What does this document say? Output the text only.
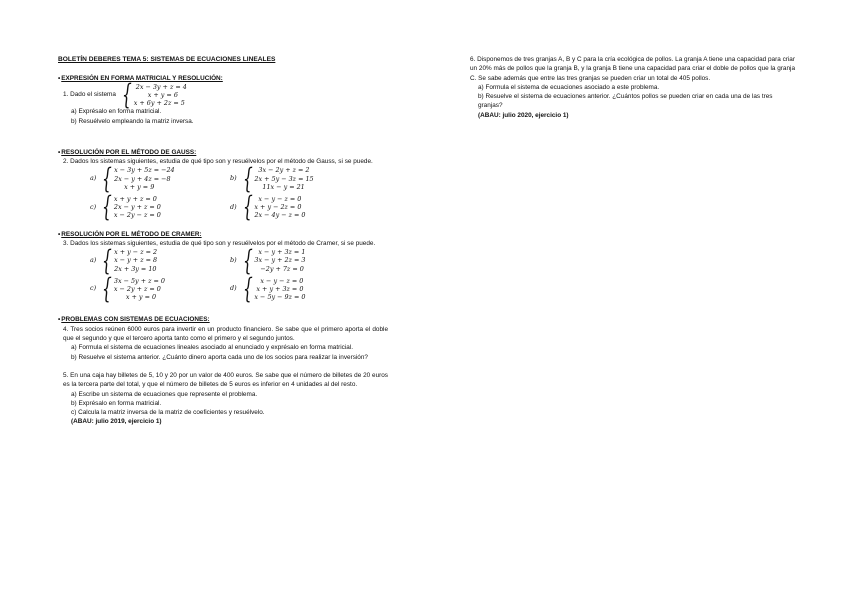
BOLETÍN DEBERES TEMA 5: SISTEMAS DE ECUACIONES LINEALES

• EXPRESIÓN EN FORMA MATRICIAL Y RESOLUCIÓN:

1. Dado el sistema { 2x − 3y + z = 4
x + y = 6
x + 6y + 2z = 5

a) Exprésalo en forma matricial.

b) Resuélvelo empleando la matriz inversa.

• RESOLUCIÓN POR EL MÉTODO DE GAUSS:

2. Dados los sistemas siguientes, estudia de qué tipo son y resuélvelos por el método de Gauss, si se puede.

a) { x − 3y + 5z = −24
2x − y + 4z = −8
x + y = 9
b) { 3x − 2y + z = 2
2x + 5y − 3z = 15
11x − y = 21
c) { x + y + z = 0
2x − y + z = 0
x − 2y − z = 0
d) { x − y − z = 0
x + y − 2z = 0
2x − 4y − z = 0

• RESOLUCIÓN POR EL MÉTODO DE CRAMER:

3. Dados los sistemas siguientes, estudia de qué tipo son y resuélvelos por el método de Cramer, si se puede.

a) { x + y − z = 2
x − y + z = 8
2x + 3y = 10
b) { x − y + 3z = 1
3x − y + 2z = 3
−2y + 7z = 0
c) { 3x − 5y + z = 0
x − 2y + z = 0
x + y = 0
d) {	x − y − z = 0
x + y + 3z = 0
x − 5y − 9z = 0

• PROBLEMAS CON SISTEMAS DE ECUACIONES:

4. Tres socios reúnen 6000 euros para invertir en un producto financiero. Se sabe que el primero aporta el doble que el segundo y que el tercero aporta tanto como el primero y el segundo juntos.

a) Formula el sistema de ecuaciones lineales asociado al enunciado y exprésalo en forma matricial.

b) Resuelve el sistema anterior. ¿Cuánto dinero aporta cada uno de los socios para realizar la inversión?

5. En una caja hay billetes de 5, 10 y 20 por un valor de 400 euros. Se sabe que el número de billetes de 20 euros es la tercera parte del total, y que el número de billetes de 5 euros es inferior en 4 unidades al del resto.

a) Escribe un sistema de ecuaciones que represente el problema.

b) Exprésalo en forma matricial.

c) Calcula la matriz inversa de la matriz de coeficientes y resuélvelo.

(ABAU: julio 2019, ejercicio 1)

6. Disponemos de tres granjas A, B y C para la cría ecológica de pollos. La granja A tiene una capacidad para criar un 20% más de pollos que la granja B, y la granja B tiene una capacidad para criar el doble de pollos que la granja C. Se sabe además que entre las tres granjas se pueden criar un total de 405 pollos.

a) Formula el sistema de ecuaciones asociado a este problema.

b) Resuelve el sistema de ecuaciones anterior. ¿Cuántos pollos se pueden criar en cada una de las tres granjas?

(ABAU: julio 2020, ejercicio 1)
